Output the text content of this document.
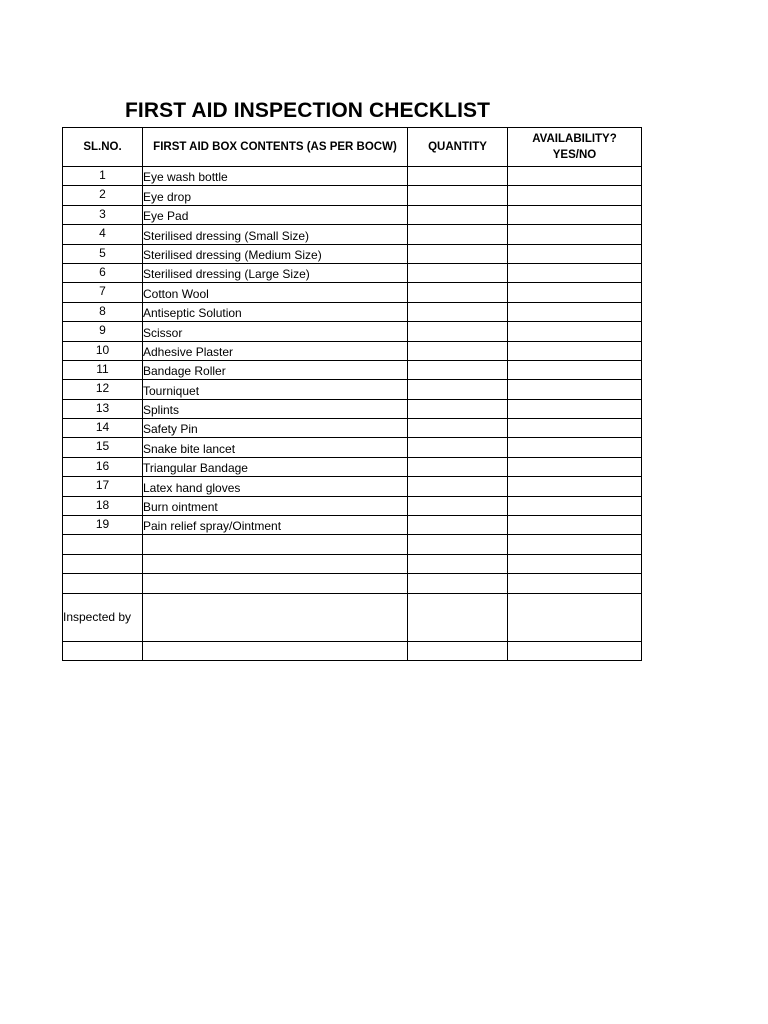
FIRST AID INSPECTION CHECKLIST
SL.NO.	FIRST AID BOX CONTENTS (AS PER BOCW)	QUANTITY	AVAILABILITY?
YES/NO

1	Eye wash bottle		
2	Eye drop		
3	Eye Pad		
4	Sterilised dressing (Small Size)		
5	Sterilised dressing (Medium Size)		
6	Sterilised dressing (Large Size)		
7	Cotton Wool		
8	Antiseptic Solution		
9	Scissor		
10	Adhesive Plaster		
11	Bandage Roller		
12	Tourniquet		
13	Splints		
14	Safety Pin		
15	Snake bite lancet		
16	Triangular Bandage		
17	Latex hand gloves		
18	Burn ointment		
19	Pain relief spray/Ointment		

Inspected by			
